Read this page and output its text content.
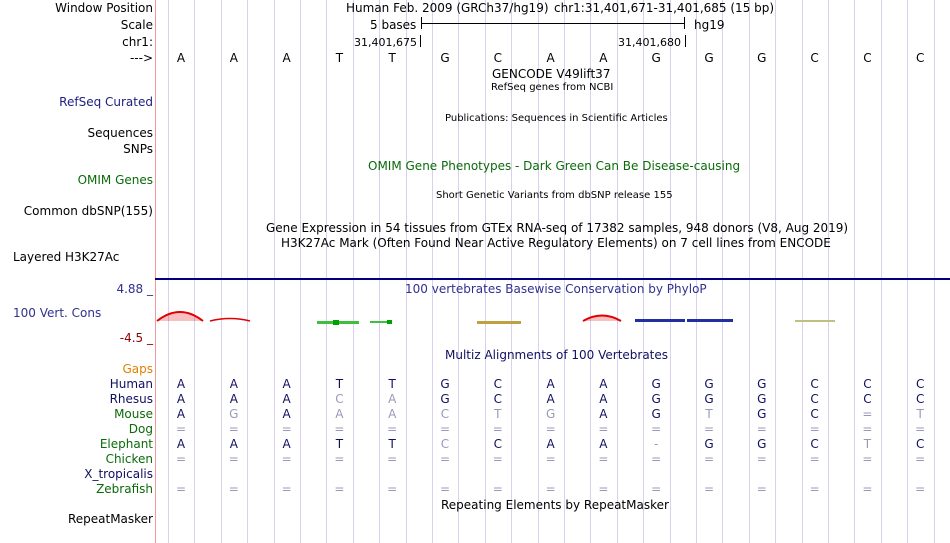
Window Position
Scale
chr1:
--->
RefSeq Curated
Sequences
SNPs
OMIM Genes
Common dbSNP(155)
Layered H3K27Ac
4.88 _
100 Vert. Cons
-4.5 _
Gaps
RepeatMasker
Human Feb. 2009 (GRCh37/hg19) chr1:31,401,671-31,401,685 (15 bp)
5 bases	hg19
31,401,675	31,401,680
A	A	A	T	T	G	C	A	A	G	G	G	C	C	C
GENCODE V49lift37
RefSeq genes from NCBI
Publications: Sequences in Scientific Articles
OMIM Gene Phenotypes - Dark Green Can Be Disease-causing
Short Genetic Variants from dbSNP release 155
Gene Expression in 54 tissues from GTEx RNA-seq of 17382 samples, 948 donors (V8, Aug 2019)
H3K27Ac Mark (Often Found Near Active Regulatory Elements) on 7 cell lines from ENCODE
100 vertebrates Basewise Conservation by PhyloP
Multiz Alignments of 100 Vertebrates
Human	A	A	A	T	T	G	C	A	A	G	G	G	C	C	C
Rhesus	A	A	A	C	A	G	C	A	A	G	G	G	C	C	C
Mouse	A	G	A	A	A	C	T	G	A	G	T	G	C	=	T
Dog	=	=	=	=	=	=	=	=	=	=	=	=	=	=	=
Elephant	A	A	A	T	T	C	C	A	A	-	G	G	C	T	C
Chicken	=	=	=	=	=	=	=	=	=	=	=	=	=	=	=
X_tropicalis
Zebrafish	=	=	=	=	=	=	=	=	=	=	=	=	=	=	=
Repeating Elements by RepeatMasker
